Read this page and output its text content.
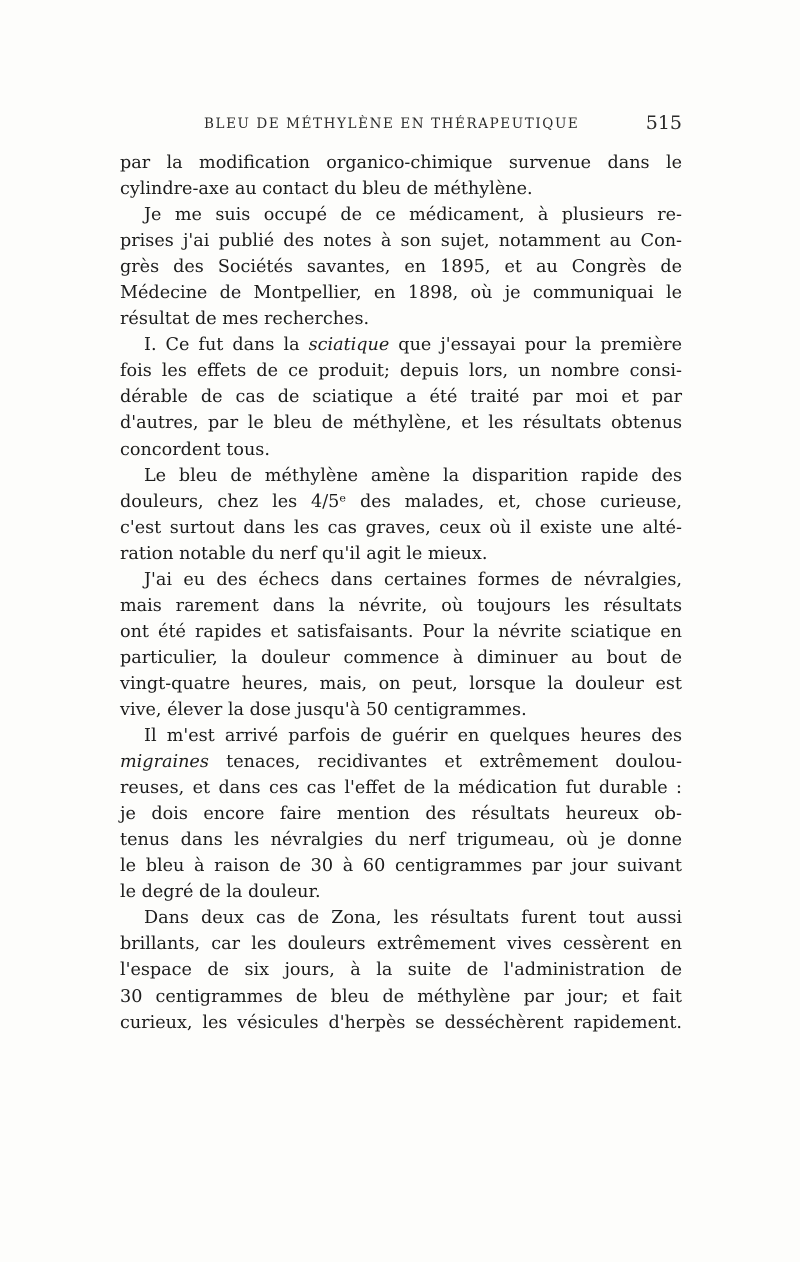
BLEU DE MÉTHYLÈNE EN THÉRAPEUTIQUE	515
par la modification organico-chimique survenue dans le
cylindre-axe au contact du bleu de méthylène.
Je me suis occupé de ce médicament, à plusieurs re-
prises j'ai publié des notes à son sujet, notamment au Con-
grès des Sociétés savantes, en 1895, et au Congrès de
Médecine de Montpellier, en 1898, où je communiquai le
résultat de mes recherches.
I. Ce fut dans la sciatique que j'essayai pour la première
fois les effets de ce produit; depuis lors, un nombre consi-
dérable de cas de sciatique a été traité par moi et par
d'autres, par le bleu de méthylène, et les résultats obtenus
concordent tous.
Le bleu de méthylène amène la disparition rapide des
douleurs, chez les 4/5ᵉ des malades, et, chose curieuse,
c'est surtout dans les cas graves, ceux où il existe une alté-
ration notable du nerf qu'il agit le mieux.
J'ai eu des échecs dans certaines formes de névralgies,
mais rarement dans la névrite, où toujours les résultats
ont été rapides et satisfaisants. Pour la névrite sciatique en
particulier, la douleur commence à diminuer au bout de
vingt-quatre heures, mais, on peut, lorsque la douleur est
vive, élever la dose jusqu'à 50 centigrammes.
Il m'est arrivé parfois de guérir en quelques heures des
migraines tenaces, recidivantes et extrêmement doulou-
reuses, et dans ces cas l'effet de la médication fut durable :
je dois encore faire mention des résultats heureux ob-
tenus dans les névralgies du nerf trigumeau, où je donne
le bleu à raison de 30 à 60 centigrammes par jour suivant
le degré de la douleur.
Dans deux cas de Zona, les résultats furent tout aussi
brillants, car les douleurs extrêmement vives cessèrent en
l'espace de six jours, à la suite de l'administration de
30 centigrammes de bleu de méthylène par jour; et fait
curieux, les vésicules d'herpès se desséchèrent rapidement.
